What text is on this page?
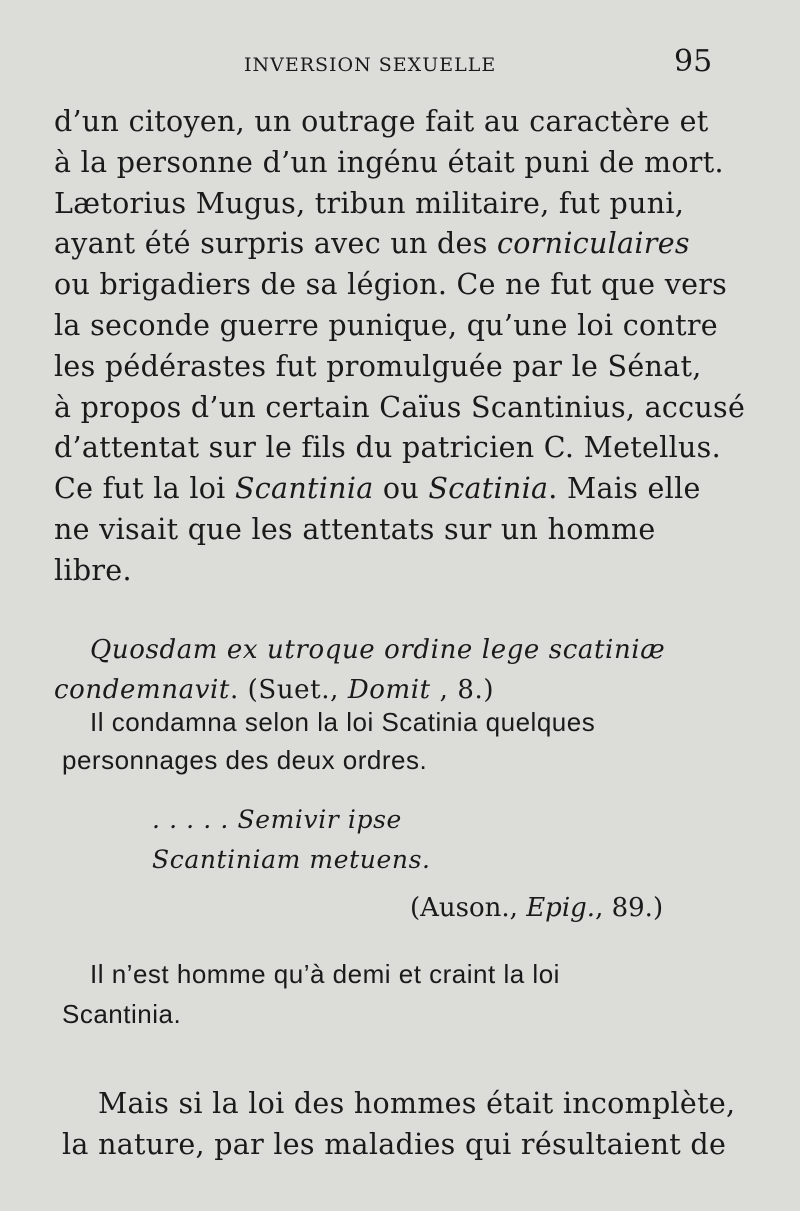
INVERSION SEXUELLE	95
d’un citoyen, un outrage fait au caractère et
à la personne d’un ingénu était puni de mort.
Lætorius Mugus, tribun militaire, fut puni,
ayant été surpris avec un des corniculaires
ou brigadiers de sa légion. Ce ne fut que vers
la seconde guerre punique, qu’une loi contre
les pédérastes fut promulguée par le Sénat,
à propos d’un certain Caïus Scantinius, accusé
d’attentat sur le fils du patricien C. Metellus.
Ce fut la loi Scantinia ou Scatinia. Mais elle
ne visait que les attentats sur un homme
libre.
Quosdam ex utroque ordine lege scatiniæ
condemnavit. (Suet., Domit , 8.)
Il condamna selon la loi Scatinia quelques
personnages des deux ordres.
. . . . . Semivir ipse
Scantiniam metuens.
(Auson., Epig., 89.)
Il n’est homme qu’à demi et craint la loi
Scantinia.
Mais si la loi des hommes était incomplète,
la nature, par les maladies qui résultaient de
